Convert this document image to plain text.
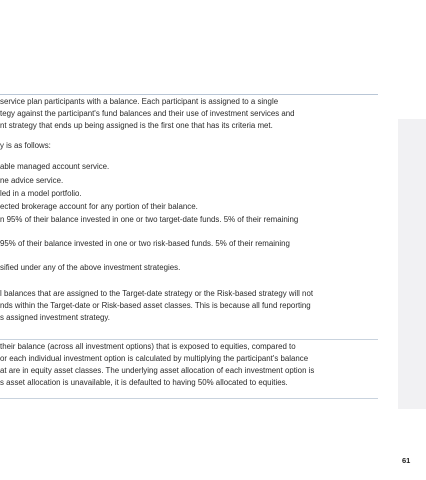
service plan participants with a balance. Each participant is assigned to a single
tegy against the participant's fund balances and their use of investment services and
nt strategy that ends up being assigned is the first one that has its criteria met.
y is as follows:
able managed account service.
ne advice service.
led in a model portfolio.
ected brokerage account for any portion of their balance.
n 95% of their balance invested in one or two target-date funds. 5% of their remaining
95% of their balance invested in one or two risk-based funds. 5% of their remaining
sified under any of the above investment strategies.
l balances that are assigned to the Target-date strategy or the Risk-based strategy will not
nds within the Target-date or Risk-based asset classes. This is because all fund reporting
s assigned investment strategy.
their balance (across all investment options) that is exposed to equities, compared to
or each individual investment option is calculated by multiplying the participant's balance
at are in equity asset classes. The underlying asset allocation of each investment option is
s asset allocation is unavailable, it is defaulted to having 50% allocated to equities.
61
